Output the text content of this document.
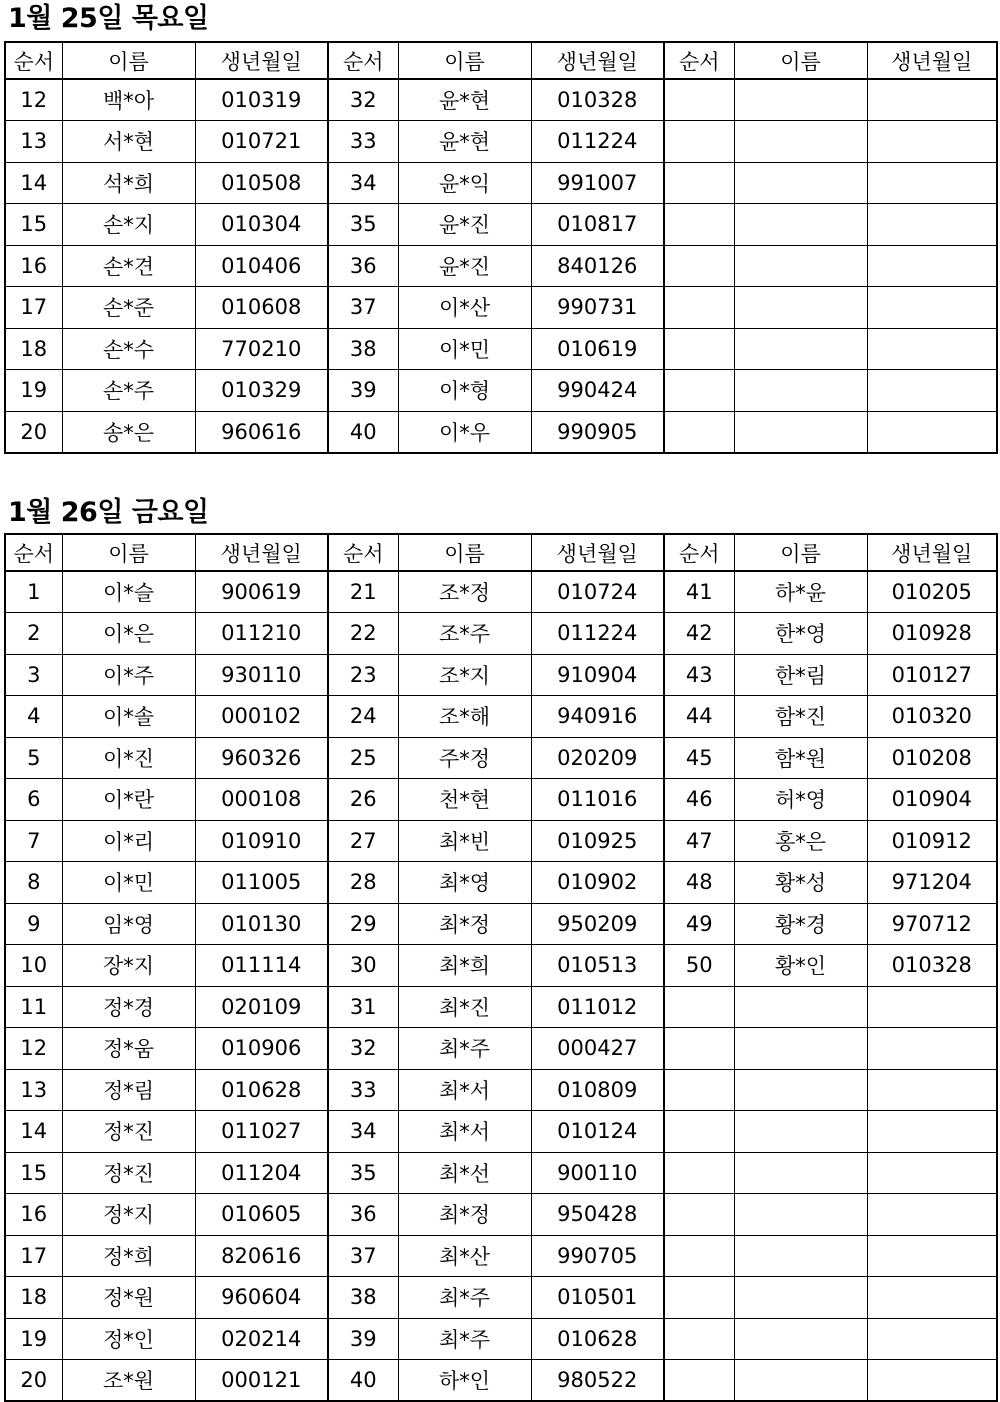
1월 25일 목요일
순서	이름	생년월일	순서	이름	생년월일	순서	이름	생년월일
12	백*아	010319	32	윤*현	010328			
13	서*현	010721	33	윤*현	011224			
14	석*희	010508	34	윤*익	991007			
15	손*지	010304	35	윤*진	010817			
16	손*견	010406	36	윤*진	840126			
17	손*준	010608	37	이*산	990731			
18	손*수	770210	38	이*민	010619			
19	손*주	010329	39	이*형	990424			
20	송*은	960616	40	이*우	990905			
1월 26일 금요일
순서	이름	생년월일	순서	이름	생년월일	순서	이름	생년월일
1	이*슬	900619	21	조*정	010724	41	하*윤	010205
2	이*은	011210	22	조*주	011224	42	한*영	010928
3	이*주	930110	23	조*지	910904	43	한*림	010127
4	이*솔	000102	24	조*해	940916	44	함*진	010320
5	이*진	960326	25	주*정	020209	45	함*원	010208
6	이*란	000108	26	천*현	011016	46	허*영	010904
7	이*리	010910	27	최*빈	010925	47	홍*은	010912
8	이*민	011005	28	최*영	010902	48	황*성	971204
9	임*영	010130	29	최*정	950209	49	황*경	970712
10	장*지	011114	30	최*희	010513	50	황*인	010328
11	정*경	020109	31	최*진	011012			
12	정*움	010906	32	최*주	000427			
13	정*림	010628	33	최*서	010809			
14	정*진	011027	34	최*서	010124			
15	정*진	011204	35	최*선	900110			
16	정*지	010605	36	최*정	950428			
17	정*희	820616	37	최*산	990705			
18	정*원	960604	38	최*주	010501			
19	정*인	020214	39	최*주	010628			
20	조*원	000121	40	하*인	980522			
